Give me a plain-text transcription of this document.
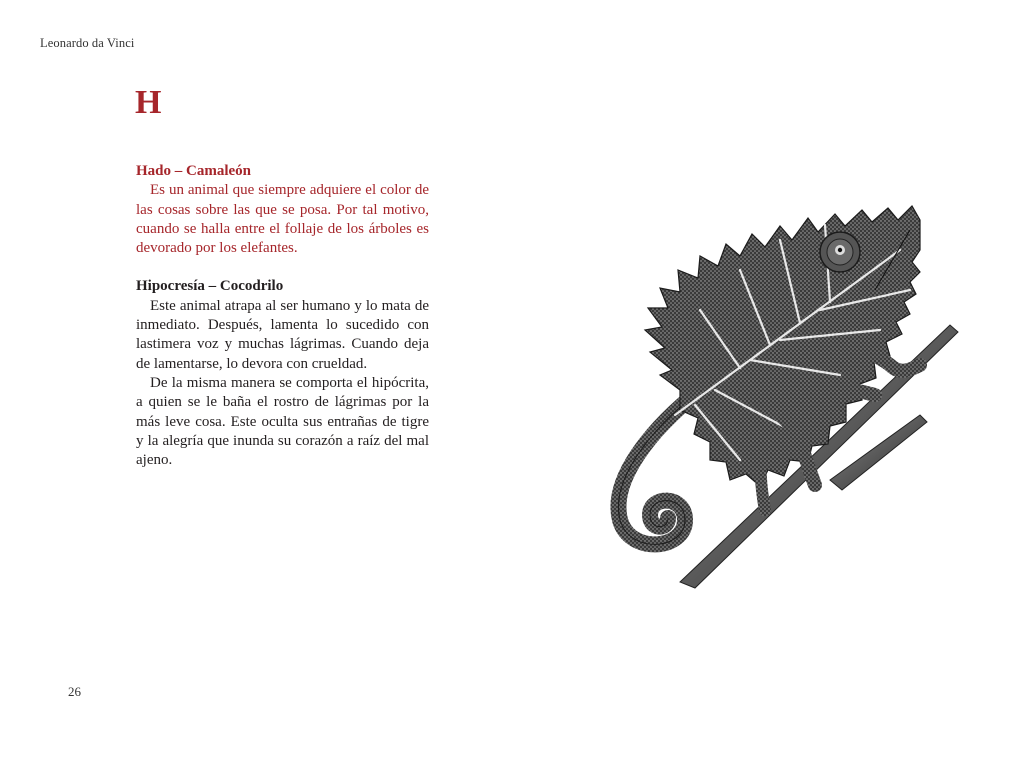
Leonardo da Vinci
H
Hado – Camaleón

Es un animal que siempre adquiere el color de las cosas sobre las que se posa. Por tal motivo, cuando se halla entre el follaje de los árboles es devorado por los elefantes.

Hipocresía – Cocodrilo

Este animal atrapa al ser humano y lo mata de inmediato. Después, lamenta lo sucedido con lastimera voz y muchas lágrimas. Cuando deja de lamentarse, lo devora con crueldad.

De la misma manera se comporta el hipócrita, a quien se le baña el rostro de lágrimas por la más leve cosa. Este oculta sus entrañas de tigre y la alegría que inunda su corazón a raíz del mal ajeno.

26
